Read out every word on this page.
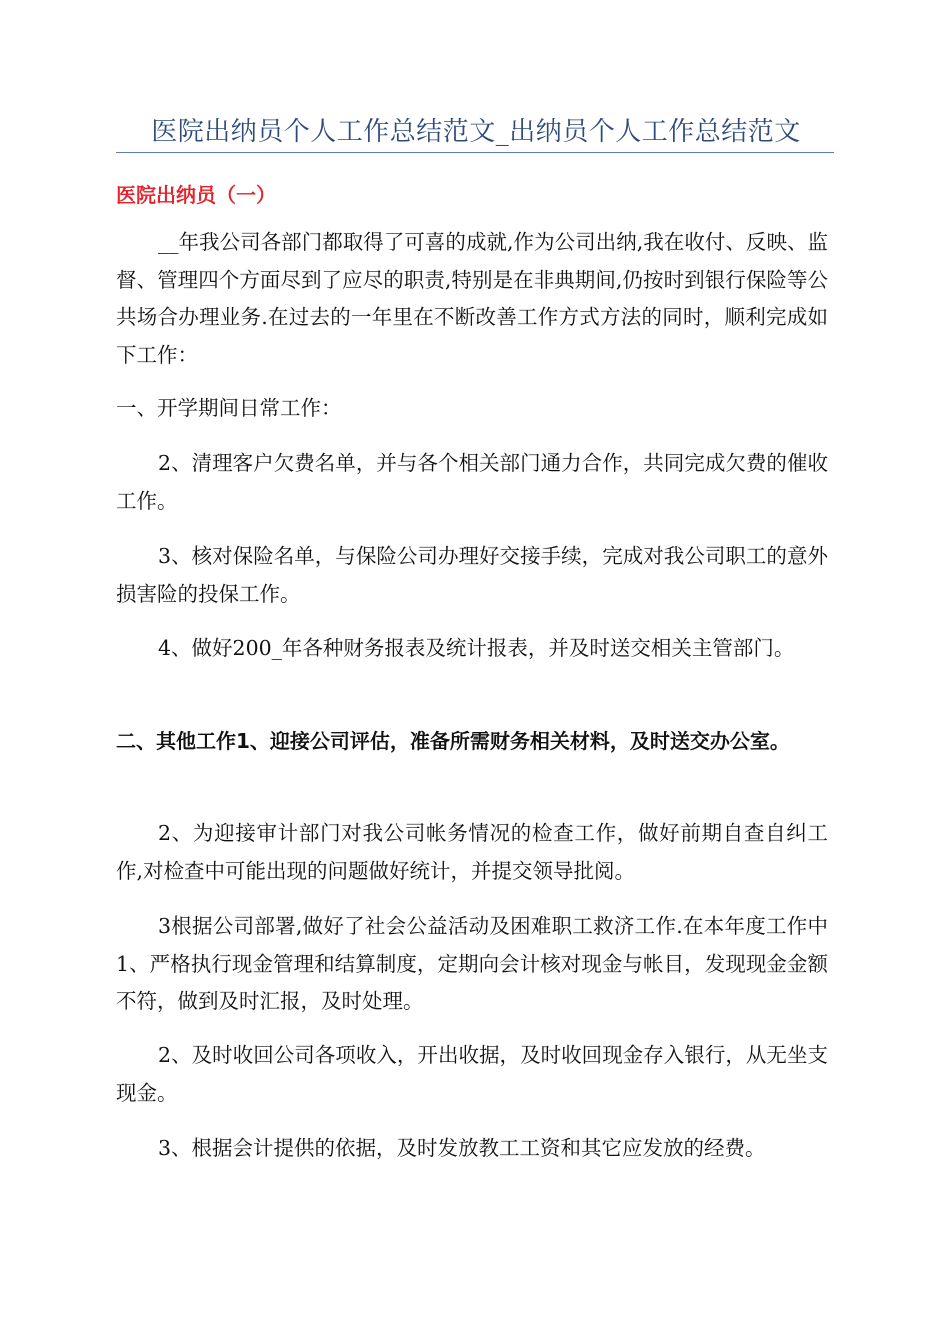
医院出纳员个人工作总结范文_出纳员个人工作总结范文
医院出纳员（一）

__年我公司各部门都取得了可喜的成就,作为公司出纳,我在收付、反映、监督、管理四个方面尽到了应尽的职责,特别是在非典期间,仍按时到银行保险等公共场合办理业务.在过去的一年里在不断改善工作方式方法的同时，顺利完成如下工作：

一、开学期间日常工作：

2、清理客户欠费名单，并与各个相关部门通力合作，共同完成欠费的催收工作。

3、核对保险名单，与保险公司办理好交接手续，完成对我公司职工的意外损害险的投保工作。

4、做好200_年各种财务报表及统计报表，并及时送交相关主管部门。

二、其他工作1、迎接公司评估，准备所需财务相关材料，及时送交办公室。

2、为迎接审计部门对我公司帐务情况的检查工作，做好前期自查自纠工作,对检查中可能出现的问题做好统计，并提交领导批阅。

3根据公司部署,做好了社会公益活动及困难职工救济工作.在本年度工作中1、严格执行现金管理和结算制度，定期向会计核对现金与帐目，发现现金金额不符，做到及时汇报，及时处理。

2、及时收回公司各项收入，开出收据，及时收回现金存入银行，从无坐支现金。

3、根据会计提供的依据，及时发放教工工资和其它应发放的经费。
